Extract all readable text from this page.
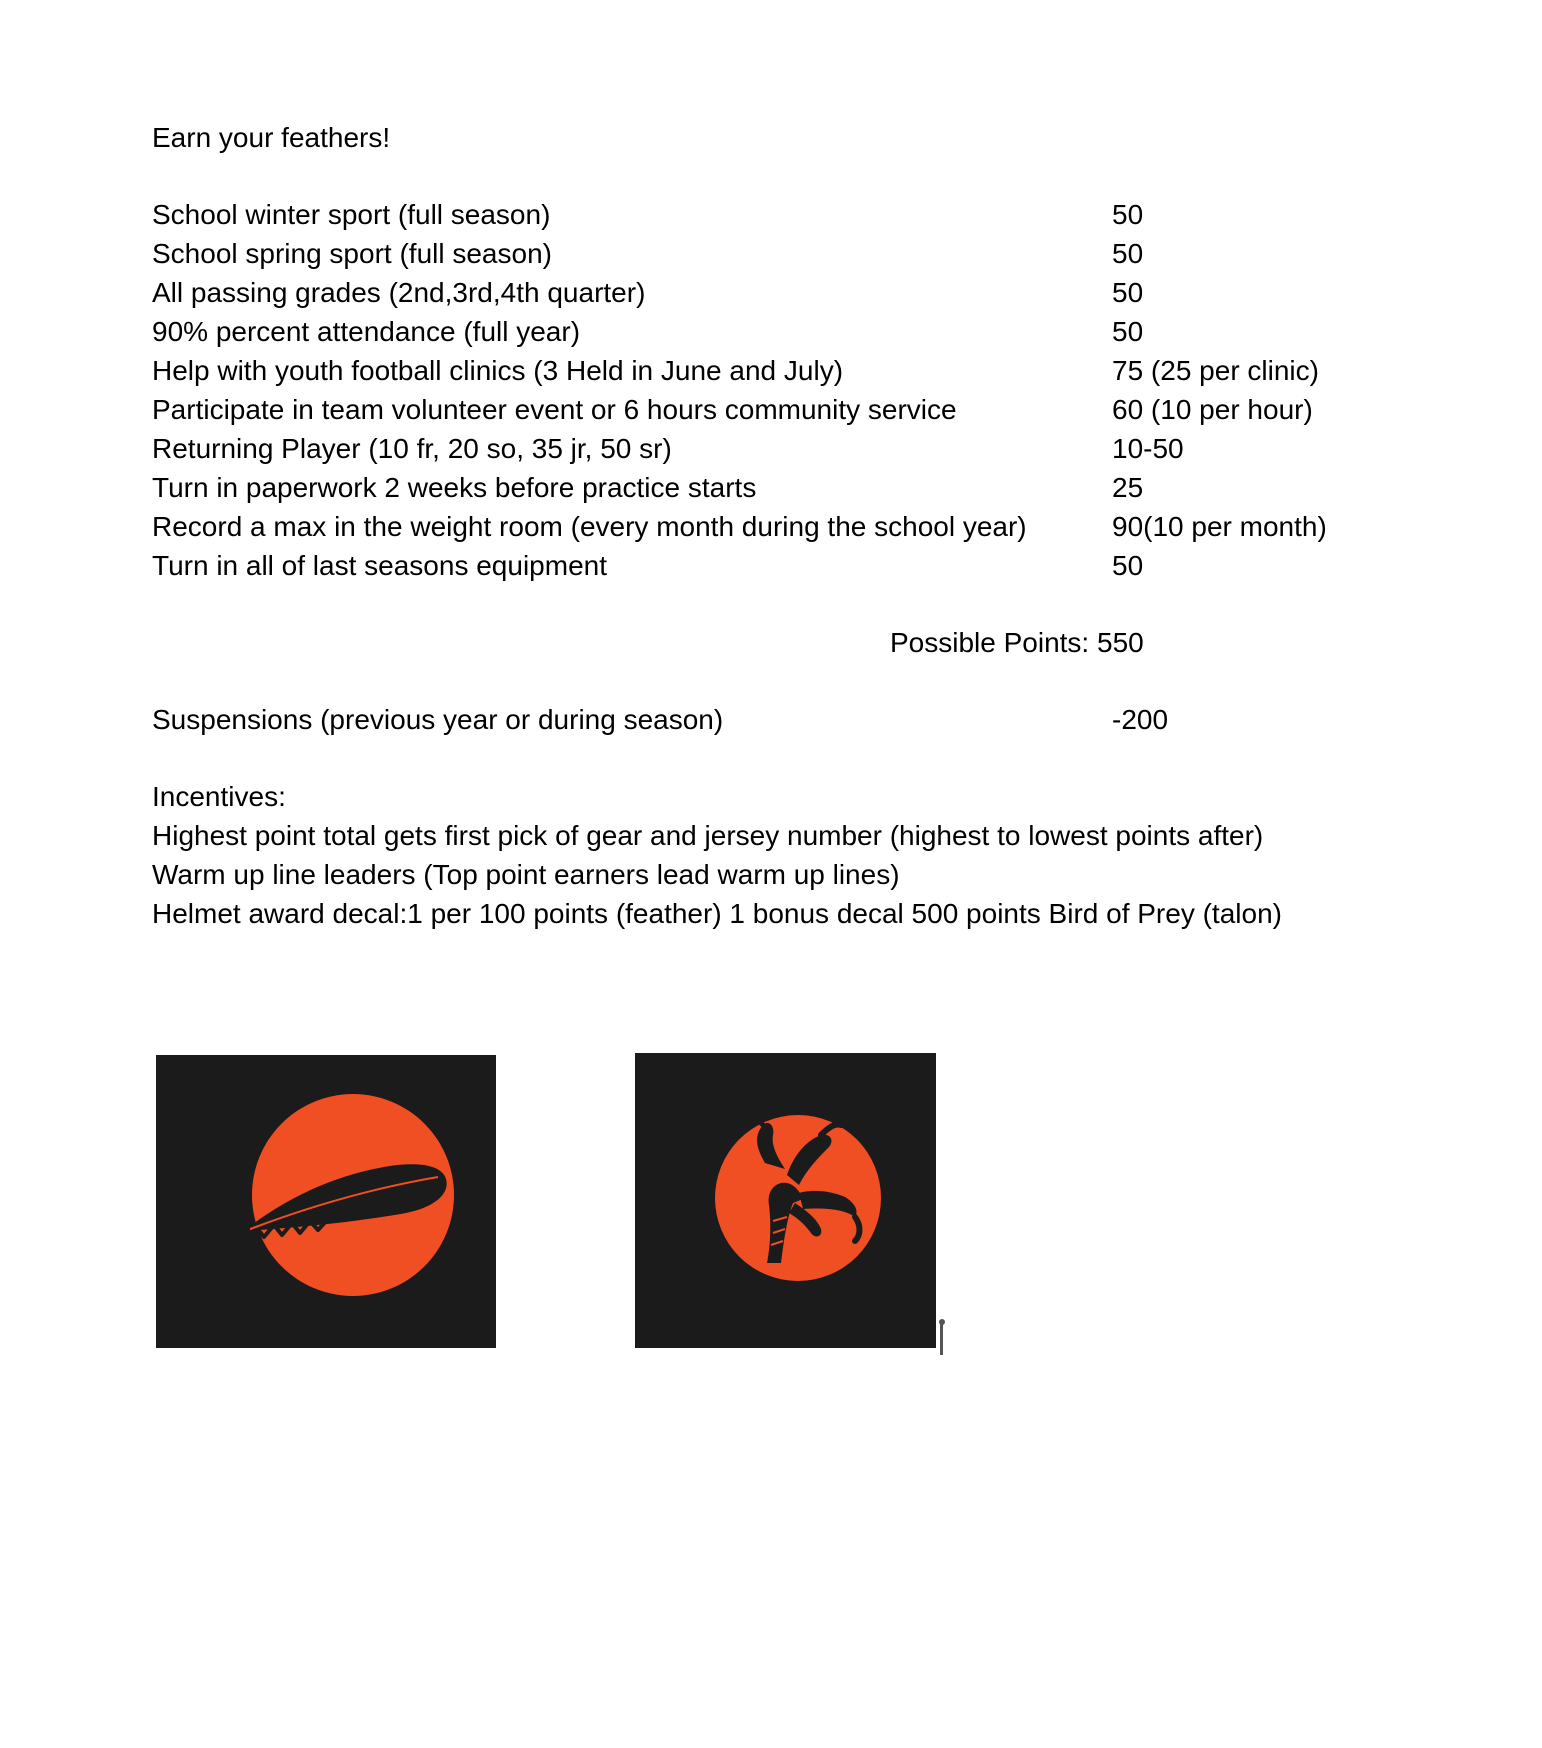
Earn your feathers!
School winter sport (full season)	50
School spring sport (full season)	50
All passing grades (2nd,3rd,4th quarter)	50
90% percent attendance (full year)	50
Help with youth football clinics (3 Held in June and July)	75 (25 per clinic)
Participate in team volunteer event or 6 hours community service	60 (10 per hour)
Returning Player (10 fr, 20 so, 35 jr, 50 sr)	10-50
Turn in paperwork 2 weeks before practice starts	25
Record a max in the weight room (every month during the school year)	90(10 per month)
Turn in all of last seasons equipment	50
Possible Points: 550
Suspensions (previous year or during season)	-200
Incentives:
Highest point total gets first pick of gear and jersey number (highest to lowest points after)
Warm up line leaders (Top point earners lead warm up lines)
Helmet award decal:1 per 100 points (feather) 1 bonus decal 500 points Bird of Prey (talon)
